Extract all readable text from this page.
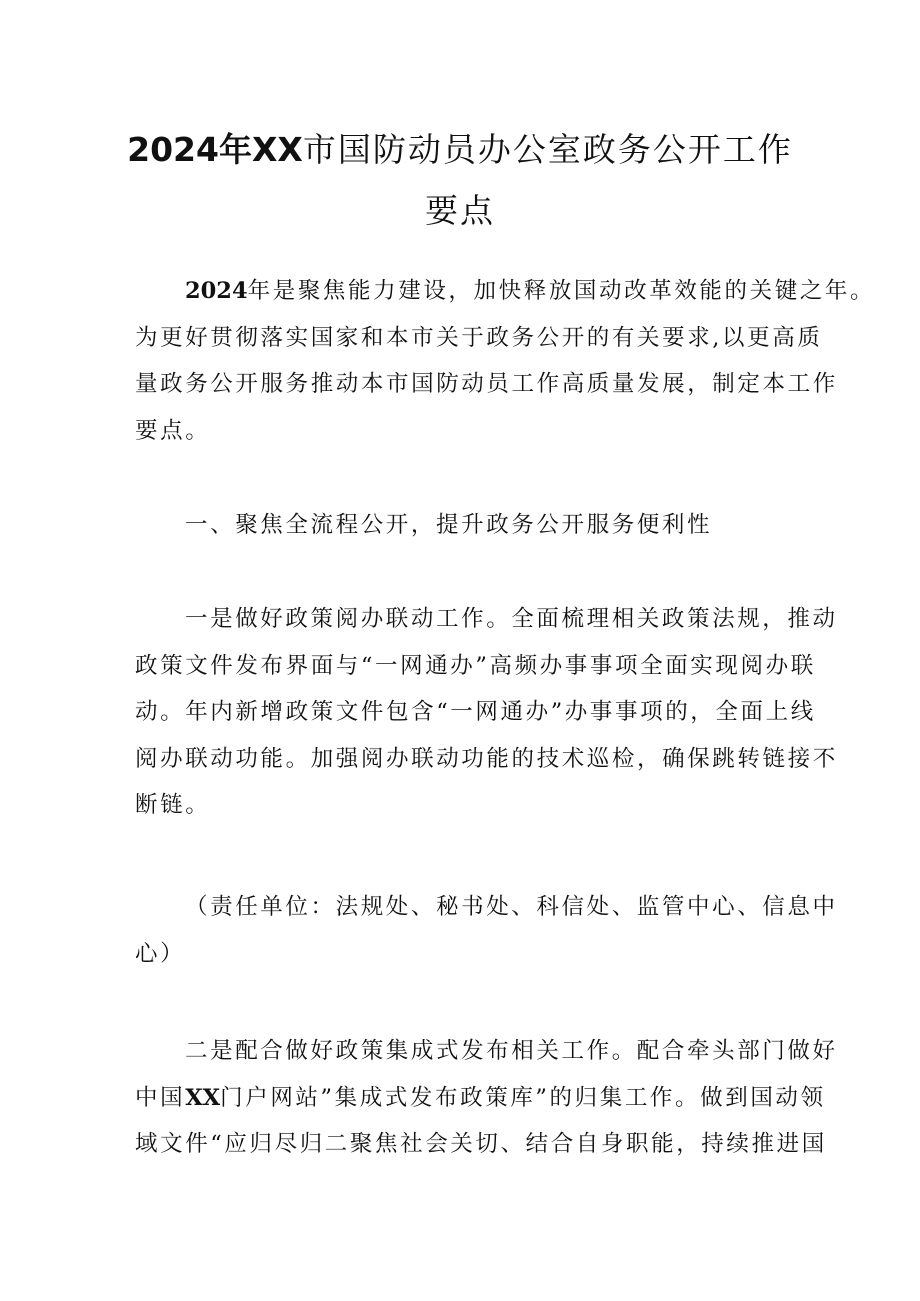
2024年XX市国防动员办公室政务公开工作
要点
2024年是聚焦能力建设，加快释放国动改革效能的关键之年。
为更好贯彻落实国家和本市关于政务公开的有关要求,以更高质
量政务公开服务推动本市国防动员工作高质量发展，制定本工作
要点。
一、聚焦全流程公开，提升政务公开服务便利性
一是做好政策阅办联动工作。全面梳理相关政策法规，推动
政策文件发布界面与“一网通办”高频办事事项全面实现阅办联
动。年内新增政策文件包含“一网通办”办事事项的，全面上线
阅办联动功能。加强阅办联动功能的技术巡检，确保跳转链接不
断链。
（责任单位：法规处、秘书处、科信处、监管中心、信息中
心）
二是配合做好政策集成式发布相关工作。配合牵头部门做好
中国XX门户网站”集成式发布政策库”的归集工作。做到国动领
域文件“应归尽归二聚焦社会关切、结合自身职能，持续推进国
